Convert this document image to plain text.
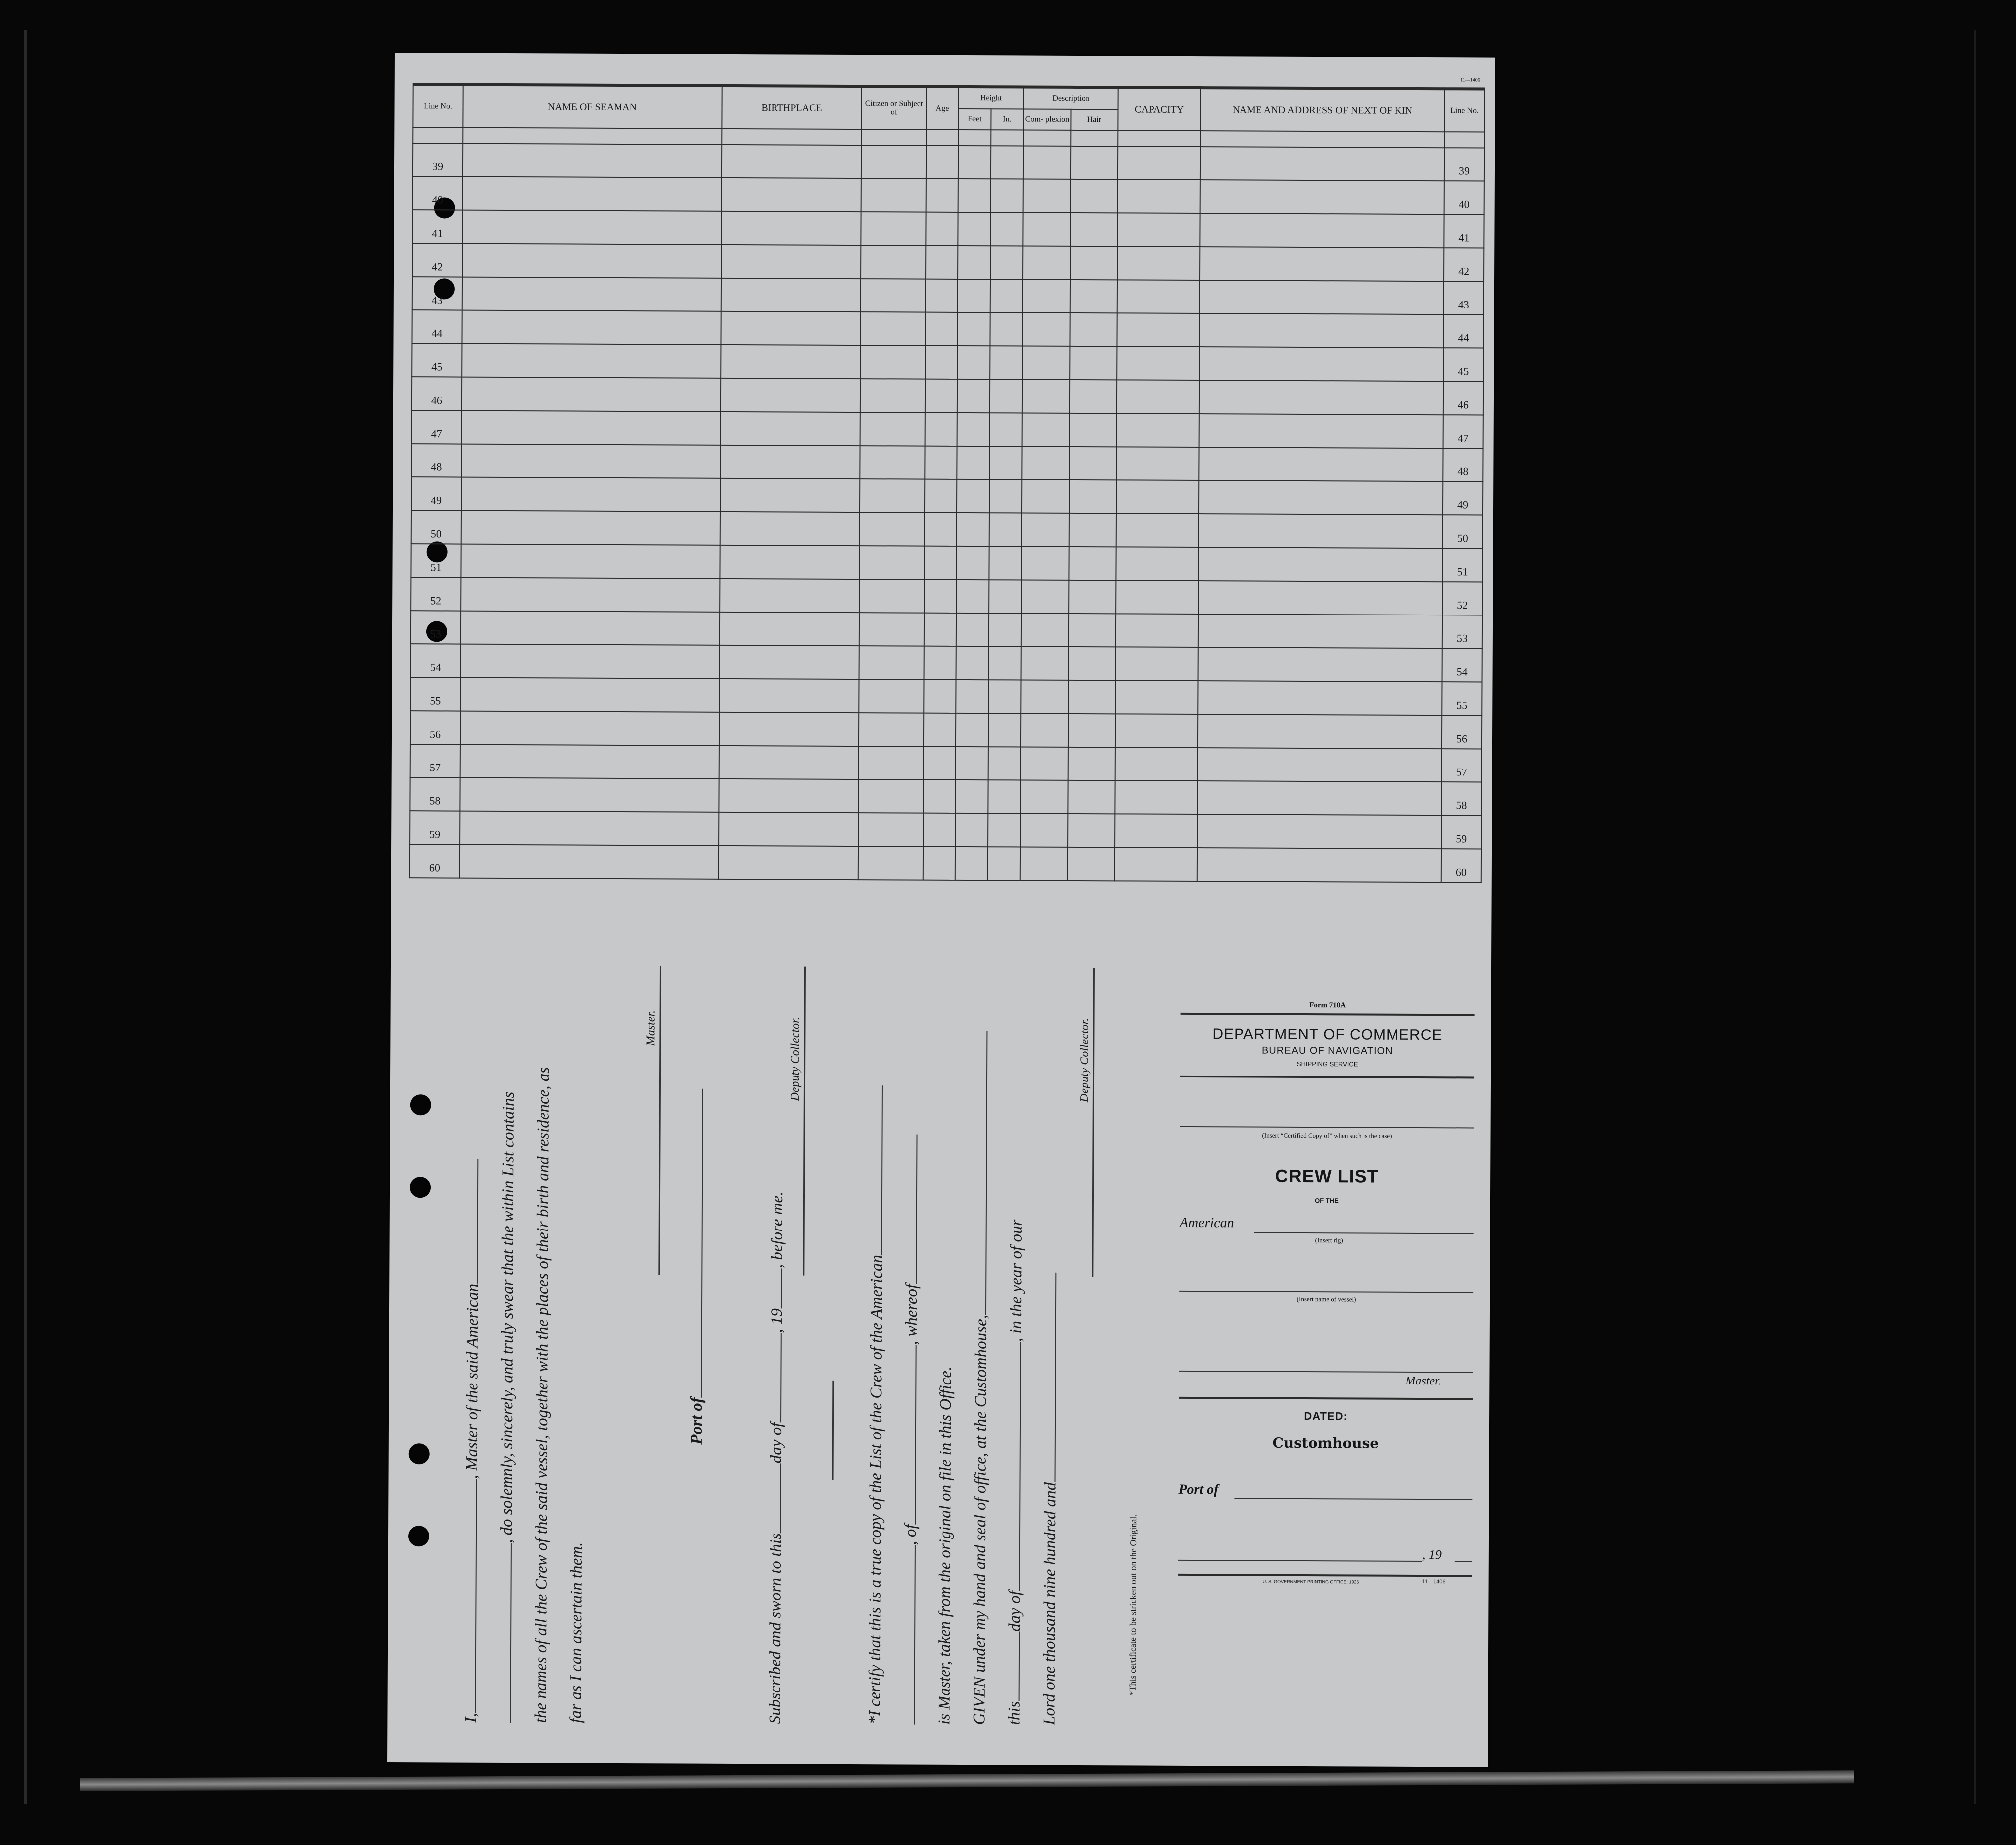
11—1406
Line No.	NAME OF SEAMAN	BIRTHPLACE	Citizen or Subject of	Age	Height		Description		CAPACITY	NAME AND ADDRESS OF NEXT OF KIN	Line No.
					Feet	In.	Com- plexion	Hair			

39											39
40											40
41											41
42											42
43											43
44											44
45											45
46											46
47											47
48											48
49											49
50											50
51											51
52											52
53											53
54											54
55											55
56											56
57											57
58											58
59											59
60											60
I,, Master of the said American , do solemnly, sincerely, and truly swear that the within List contains the names of all the Crew of the said vessel, together with the places of their birth and residence, as far as I can ascertain them.
Master.
Port of
Subscribed and sworn to thisday of, 19, before me.
Deputy Collector.
*I certify that this is a true copy of the List of the Crew of the American , of, whereof
is Master, taken from the original on file in this Office. GIVEN under my hand and seal of office, at the Customhouse, thisday of, in the year of our
Lord one thousand nine hundred and
Deputy Collector.
*This certificate to be stricken out on the Original.
Form 710A
DEPARTMENT OF COMMERCE
BUREAU OF NAVIGATION
SHIPPING SERVICE
(Insert “Certified Copy of” when such is the case)
CREW LIST
OF THE
American
(Insert rig)
(Insert name of vessel)
Master.
DATED:
Customhouse
Port of
, 19
U. S. GOVERNMENT PRINTING OFFICE: 1926	11—1406
